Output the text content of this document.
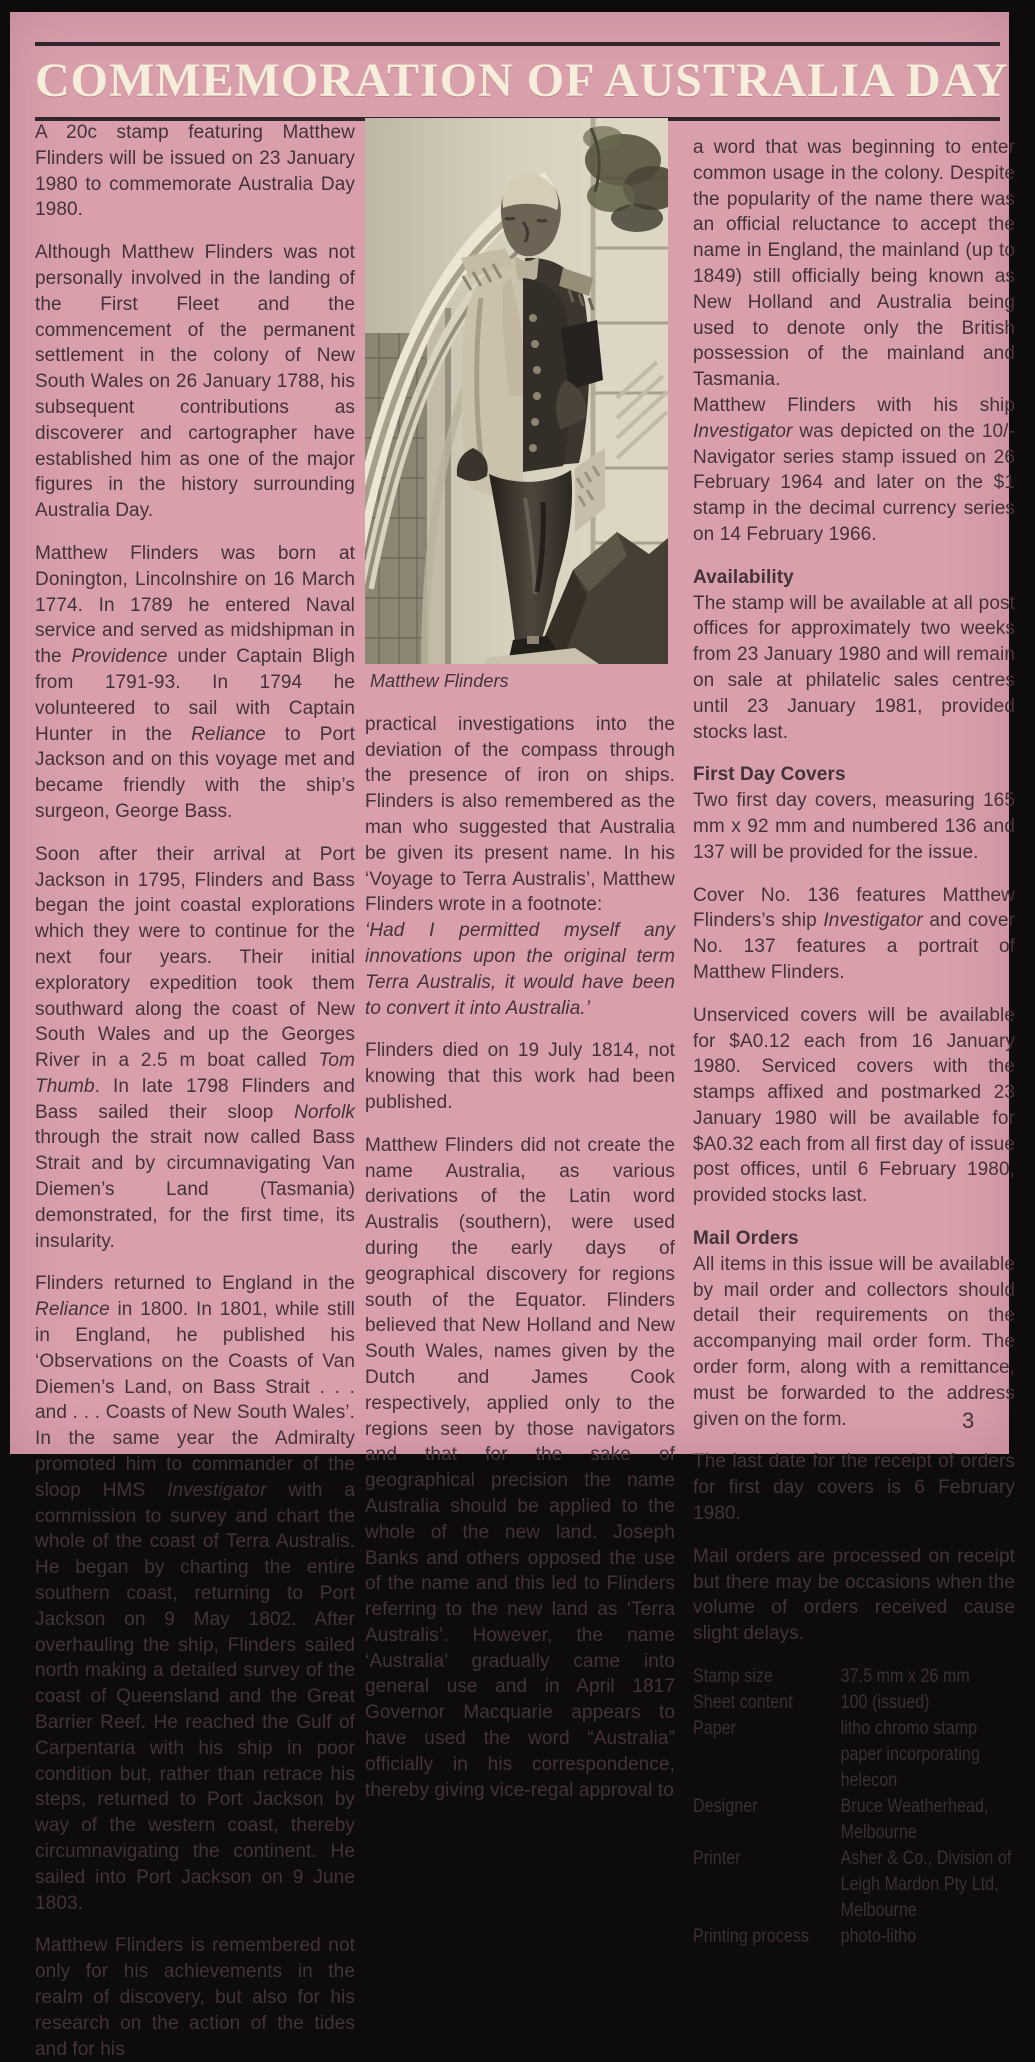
COMMEMORATION OF AUSTRALIA DAY

A 20c stamp featuring Matthew Flinders will be issued on 23 January 1980 to commemorate Australia Day 1980.

Although Matthew Flinders was not personally involved in the landing of the First Fleet and the commencement of the permanent settlement in the colony of New South Wales on 26 January 1788, his subsequent contributions as discoverer and cartographer have established him as one of the major figures in the history surrounding Australia Day.

Matthew Flinders was born at Donington, Lincolnshire on 16 March 1774. In 1789 he entered Naval service and served as midshipman in the Providence under Captain Bligh from 1791-93. In 1794 he volunteered to sail with Captain Hunter in the Reliance to Port Jackson and on this voyage met and became friendly with the ship’s surgeon, George Bass.

Soon after their arrival at Port Jackson in 1795, Flinders and Bass began the joint coastal explorations which they were to continue for the next four years. Their initial exploratory expedition took them southward along the coast of New South Wales and up the Georges River in a 2.5 m boat called Tom Thumb. In late 1798 Flinders and Bass sailed their sloop Norfolk through the strait now called Bass Strait and by circumnavigating Van Diemen’s Land (Tasmania) demonstrated, for the first time, its insularity.

Flinders returned to England in the Reliance in 1800. In 1801, while still in England, he published his ‘Observations on the Coasts of Van Diemen’s Land, on Bass Strait . . . and . . . Coasts of New South Wales’. In the same year the Admiralty promoted him to commander of the sloop HMS Investigator with a commission to survey and chart the whole of the coast of Terra Australis. He began by charting the entire southern coast, returning to Port Jackson on 9 May 1802. After overhauling the ship, Flinders sailed north making a detailed survey of the coast of Queensland and the Great Barrier Reef. He reached the Gulf of Carpentaria with his ship in poor condition but, rather than retrace his steps, returned to Port Jackson by way of the western coast, thereby circumnavigating the continent. He sailed into Port Jackson on 9 June 1803.

Matthew Flinders is remembered not only for his achievements in the realm of discovery, but also for his research on the action of the tides and for his

Matthew Flinders

practical investigations into the deviation of the compass through the presence of iron on ships. Flinders is also remembered as the man who suggested that Australia be given its present name. In his ‘Voyage to Terra Australis’, Matthew Flinders wrote in a footnote:

‘Had I permitted myself any innovations upon the original term Terra Australis, it would have been to convert it into Australia.’

Flinders died on 19 July 1814, not knowing that this work had been published.

Matthew Flinders did not create the name Australia, as various derivations of the Latin word Australis (southern), were used during the early days of geographical discovery for regions south of the Equator. Flinders believed that New Holland and New South Wales, names given by the Dutch and James Cook respectively, applied only to the regions seen by those navigators and that for the sake of geographical precision the name Australia should be applied to the whole of the new land. Joseph Banks and others opposed the use of the name and this led to Flinders referring to the new land as ‘Terra Australis’. However, the name ‘Australia’ gradually came into general use and in April 1817 Governor Macquarie appears to have used the word “Australia” officially in his correspondence, thereby giving vice-regal approval to

a word that was beginning to enter common usage in the colony. Despite the popularity of the name there was an official reluctance to accept the name in England, the mainland (up to 1849) still officially being known as New Holland and Australia being used to denote only the British possession of the mainland and Tasmania.

Matthew Flinders with his ship Investigator was depicted on the 10/- Navigator series stamp issued on 26 February 1964 and later on the $1 stamp in the decimal currency series on 14 February 1966.

Availability

The stamp will be available at all post offices for approximately two weeks from 23 January 1980 and will remain on sale at philatelic sales centres until 23 January 1981, provided stocks last.

First Day Covers

Two first day covers, measuring 165 mm x 92 mm and numbered 136 and 137 will be provided for the issue.

Cover No. 136 features Matthew Flinders’s ship Investigator and cover No. 137 features a portrait of Matthew Flinders.

Unserviced covers will be available for $A0.12 each from 16 January 1980. Serviced covers with the stamps affixed and postmarked 23 January 1980 will be available for $A0.32 each from all first day of issue post offices, until 6 February 1980, provided stocks last.

Mail Orders

All items in this issue will be available by mail order and collectors should detail their requirements on the accompanying mail order form. The order form, along with a remittance, must be forwarded to the address given on the form.

The last date for the receipt of orders for first day covers is 6 February 1980.

Mail orders are processed on receipt but there may be occasions when the volume of orders received cause slight delays.

Stamp size	37.5 mm x 26 mm
Sheet content	100 (issued)
Paper	litho chromo stamp paper incorporating helecon
Designer	Bruce Weatherhead, Melbourne
Printer	Asher & Co., Division of Leigh Mardon Pty Ltd, Melbourne
Printing process	photo-litho
3
